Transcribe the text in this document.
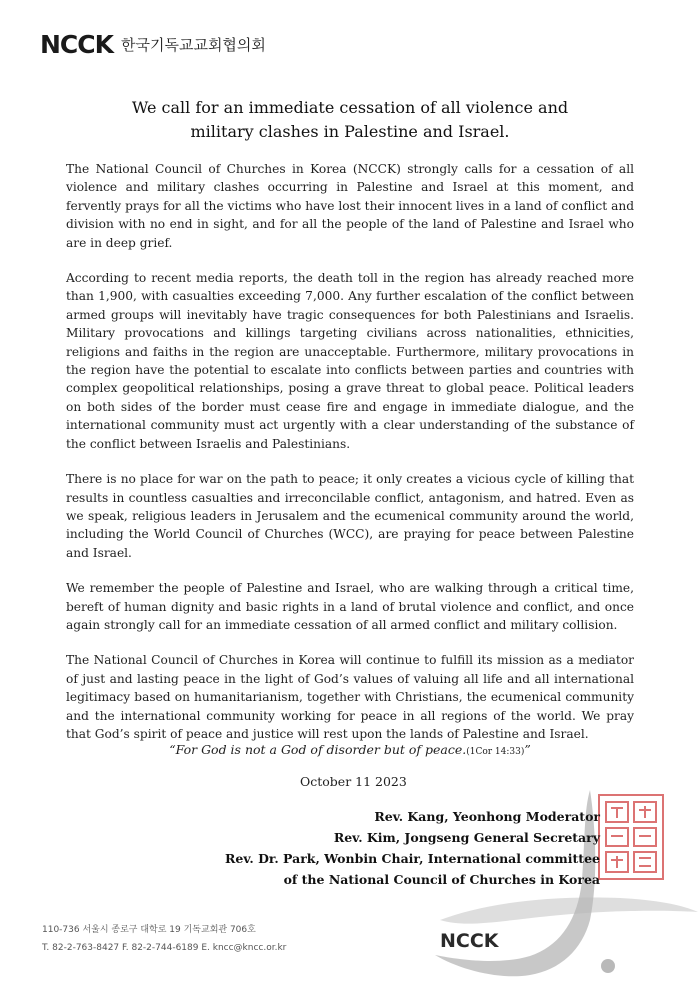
NCCK 한국기독교교회협의회
We call for an immediate cessation of all violence and
military clashes in Palestine and Israel.

The National Council of Churches in Korea (NCCK) strongly calls for a cessation of all violence and military clashes occurring in Palestine and Israel at this moment, and fervently prays for all the victims who have lost their innocent lives in a land of conflict and division with no end in sight, and for all the people of the land of Palestine and Israel who are in deep grief.

According to recent media reports, the death toll in the region has already reached more than 1,900, with casualties exceeding 7,000. Any further escalation of the conflict between armed groups will inevitably have tragic consequences for both Palestinians and Israelis. Military provocations and killings targeting civilians across nationalities, ethnicities, religions and faiths in the region are unacceptable. Furthermore, military provocations in the region have the potential to escalate into conflicts between parties and countries with complex geopolitical relationships, posing a grave threat to global peace. Political leaders on both sides of the border must cease fire and engage in immediate dialogue, and the international community must act urgently with a clear understanding of the substance of the conflict between Israelis and Palestinians.

There is no place for war on the path to peace; it only creates a vicious cycle of killing that results in countless casualties and irreconcilable conflict, antagonism, and hatred. Even as we speak, religious leaders in Jerusalem and the ecumenical community around the world, including the World Council of Churches (WCC), are praying for peace between Palestine and Israel.

We remember the people of Palestine and Israel, who are walking through a critical time, bereft of human dignity and basic rights in a land of brutal violence and conflict, and once again strongly call for an immediate cessation of all armed conflict and military collision.

The National Council of Churches in Korea will continue to fulfill its mission as a mediator of just and lasting peace in the light of God’s values of valuing all life and all international legitimacy based on humanitarianism, together with Christians, the ecumenical community and the international community working for peace in all regions of the world. We pray that God’s spirit of peace and justice will rest upon the lands of Palestine and Israel.

“For God is not a God of disorder but of peace.(1Cor 14:33)”
October 11 2023
Rev. Kang, Yeonhong Moderator
Rev. Kim, Jongseng General Secretary
Rev. Dr. Park, Wonbin Chair, International committee
of the National Council of Churches in Korea
110-736 서울시 종로구 대학로 19 기독교회관 706호
T. 82-2-763-8427 F. 82-2-744-6189 E. kncc@kncc.or.kr	NCCK
